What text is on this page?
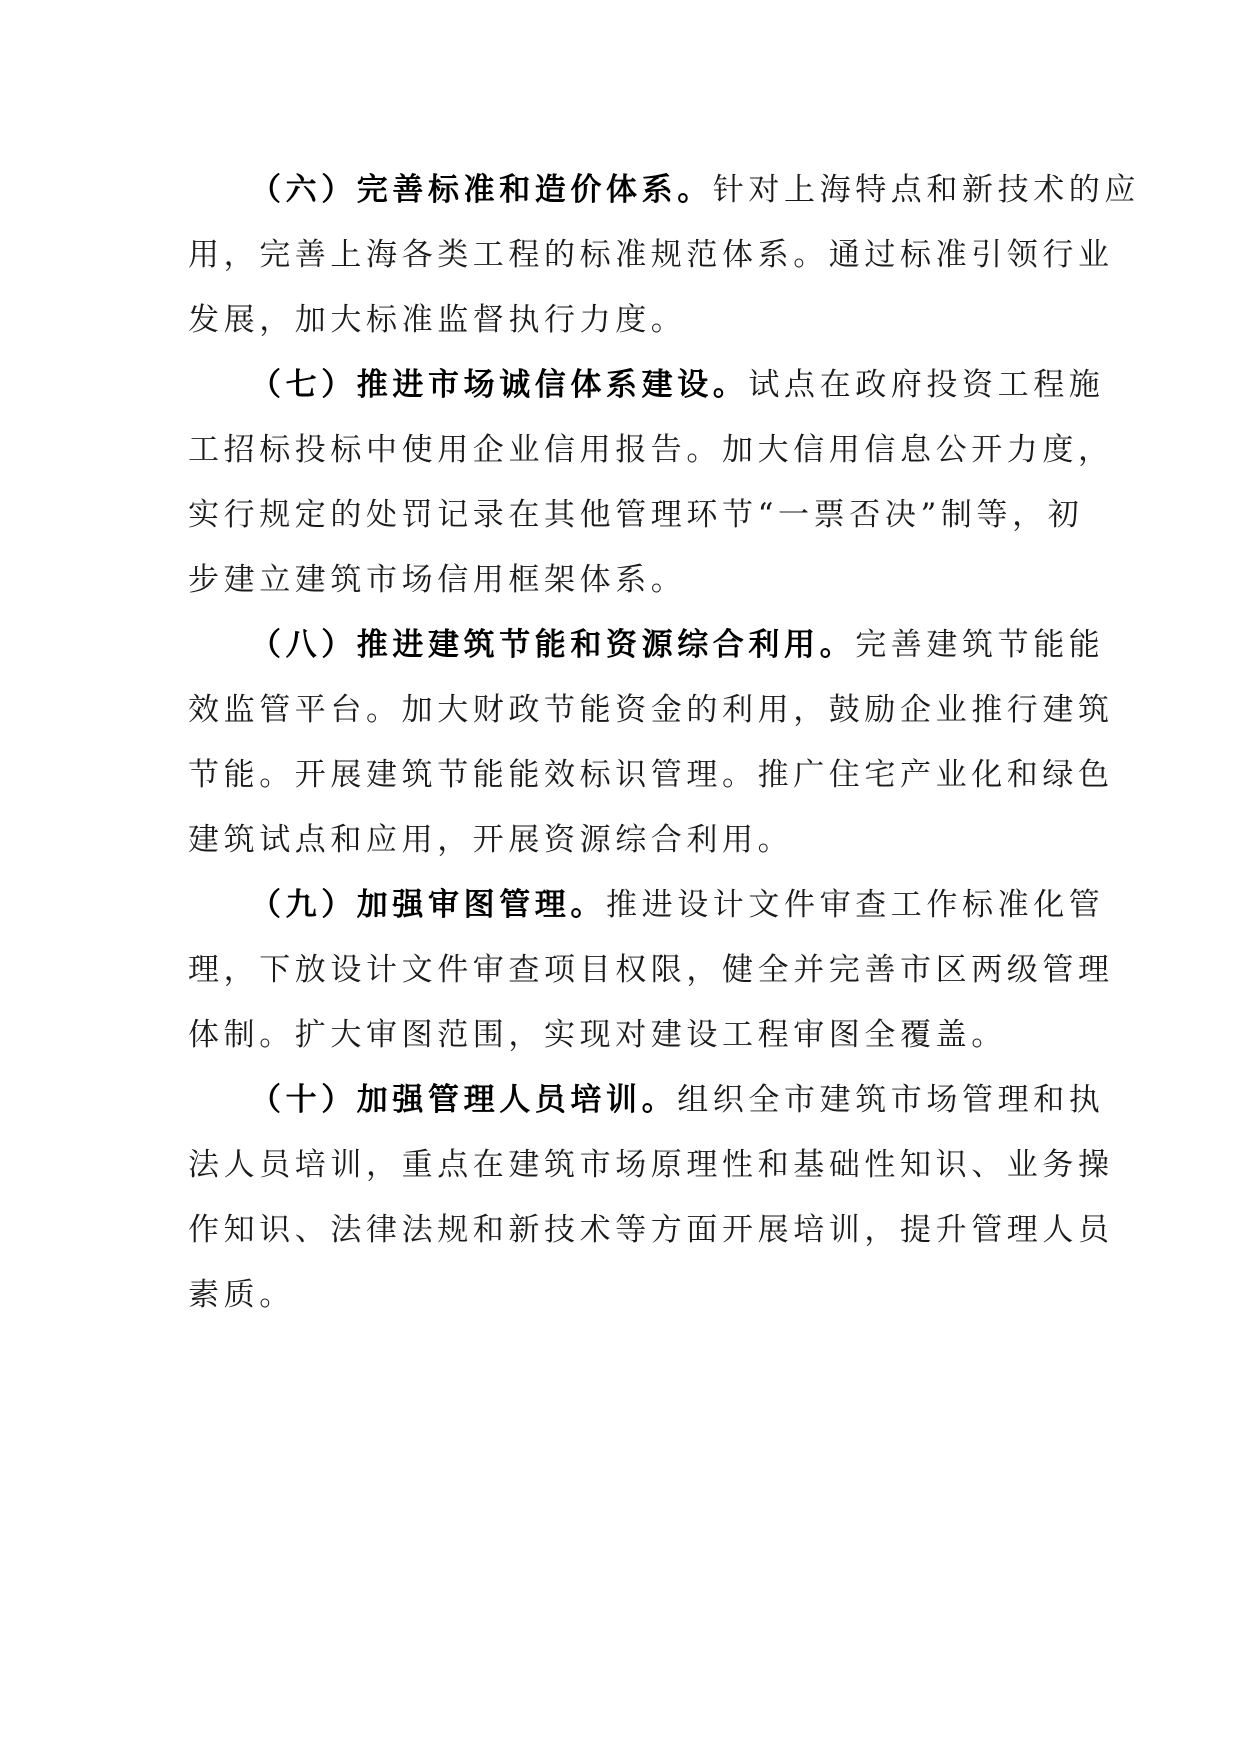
（六）完善标准和造价体系。针对上海特点和新技术的应
用，完善上海各类工程的标准规范体系。通过标准引领行业
发展，加大标准监督执行力度。
（七）推进市场诚信体系建设。试点在政府投资工程施
工招标投标中使用企业信用报告。加大信用信息公开力度，
实行规定的处罚记录在其他管理环节“一票否决”制等，初
步建立建筑市场信用框架体系。
（八）推进建筑节能和资源综合利用。完善建筑节能能
效监管平台。加大财政节能资金的利用，鼓励企业推行建筑
节能。开展建筑节能能效标识管理。推广住宅产业化和绿色
建筑试点和应用，开展资源综合利用。
（九）加强审图管理。推进设计文件审查工作标准化管
理，下放设计文件审查项目权限，健全并完善市区两级管理
体制。扩大审图范围，实现对建设工程审图全覆盖。
（十）加强管理人员培训。组织全市建筑市场管理和执
法人员培训，重点在建筑市场原理性和基础性知识、业务操
作知识、法律法规和新技术等方面开展培训，提升管理人员
素质。
